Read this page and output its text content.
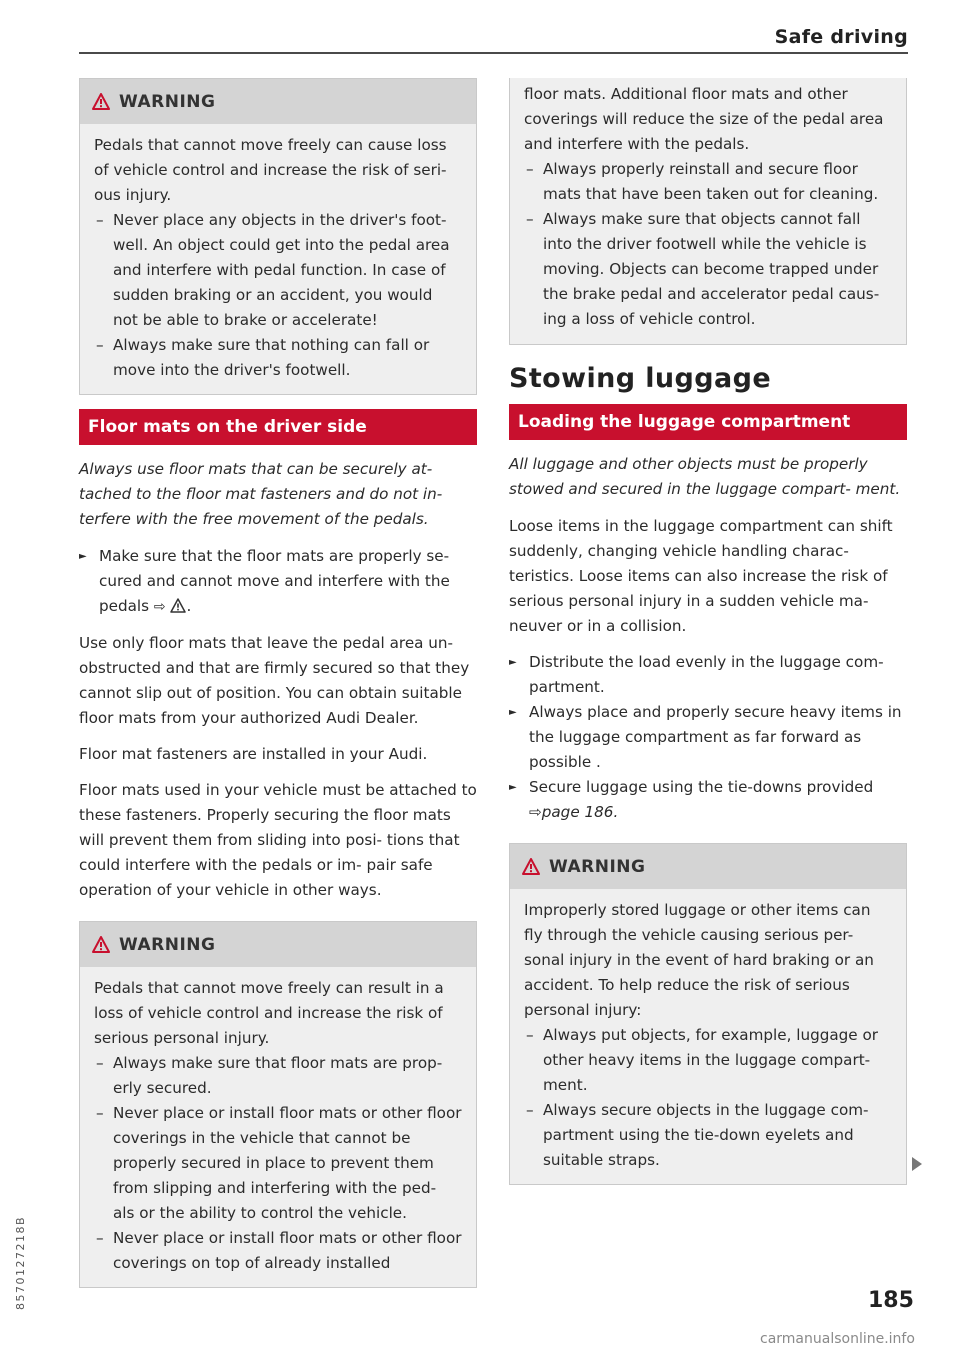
Safe driving
WARNING

Pedals that cannot move freely can cause loss of vehicle control and increase the risk of seri- ous injury.

– Never place any objects in the driver's foot- well. An object could get into the pedal area and interfere with pedal function. In case of sudden braking or an accident, you would not be able to brake or accelerate!
– Always make sure that nothing can fall or move into the driver's footwell.
Floor mats on the driver side

Always use floor mats that can be securely at- tached to the floor mat fasteners and do not in- terfere with the free movement of the pedals.

► Make sure that the floor mats are properly se- cured and cannot move and interfere with the pedals ⇨ .

Use only floor mats that leave the pedal area un- obstructed and that are firmly secured so that they cannot slip out of position. You can obtain suitable floor mats from your authorized Audi Dealer.

Floor mat fasteners are installed in your Audi.

Floor mats used in your vehicle must be attached to these fasteners. Properly securing the floor mats will prevent them from sliding into posi- tions that could interfere with the pedals or im- pair safe operation of your vehicle in other ways.

WARNING

Pedals that cannot move freely can result in a loss of vehicle control and increase the risk of serious personal injury.

– Always make sure that floor mats are prop- erly secured.
– Never place or install floor mats or other floor coverings in the vehicle that cannot be properly secured in place to prevent them from slipping and interfering with the ped- als or the ability to control the vehicle.
– Never place or install floor mats or other floor coverings on top of already installed

floor mats. Additional floor mats and other coverings will reduce the size of the pedal area and interfere with the pedals.

– Always properly reinstall and secure floor mats that have been taken out for cleaning.
– Always make sure that objects cannot fall into the driver footwell while the vehicle is moving. Objects can become trapped under the brake pedal and accelerator pedal caus- ing a loss of vehicle control.
Stowing luggage
Loading the luggage compartment

All luggage and other objects must be properly stowed and secured in the luggage compart- ment.

Loose items in the luggage compartment can shift suddenly, changing vehicle handling charac- teristics. Loose items can also increase the risk of serious personal injury in a sudden vehicle ma- neuver or in a collision.

► Distribute the load evenly in the luggage com- partment.
► Always place and properly secure heavy items in the luggage compartment as far forward as possible .
► Secure luggage using the tie-downs provided
⇨page 186.
WARNING

Improperly stored luggage or other items can fly through the vehicle causing serious per- sonal injury in the event of hard braking or an accident. To help reduce the risk of serious personal injury:

– Always put objects, for example, luggage or other heavy items in the luggage compart- ment.
– Always secure objects in the luggage com- partment using the tie-down eyelets and suitable straps.
8570127218B	185
carmanualsonline.info
